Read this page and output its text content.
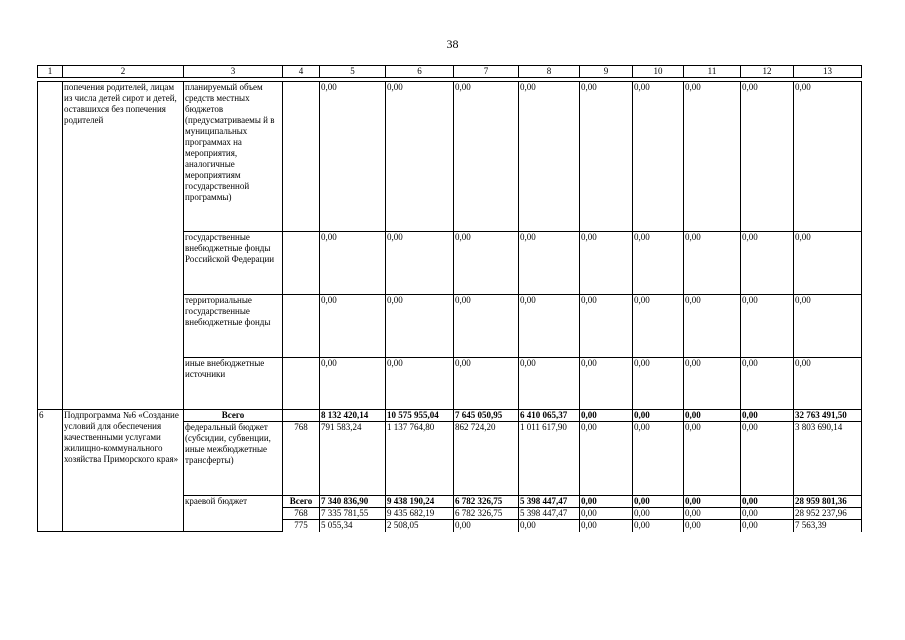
38
1	2	3	4	5	6	7	8	9	10	11	12	13
	попечения родителей, лицам из числа детей сирот и детей, оставшихся без попечения родителей	планируемый объем средств местных бюджетов (предусматриваемы й в муниципальных программах на мероприятия, аналогичные мероприятиям государственной программы)		0,00	0,00	0,00	0,00	0,00	0,00	0,00	0,00	0,00
		государственные внебюджетные фонды Российской Федерации		0,00	0,00	0,00	0,00	0,00	0,00	0,00	0,00	0,00
		территориальные государственные внебюджетные фонды		0,00	0,00	0,00	0,00	0,00	0,00	0,00	0,00	0,00
		иные внебюджетные источники		0,00	0,00	0,00	0,00	0,00	0,00	0,00	0,00	0,00
6	Подпрограмма №6 «Создание условий для обеспечения качественными услугами жилищно-коммунального хозяйства Приморского края»	Всего		8 132 420,14	10 575 955,04	7 645 050,95	6 410 065,37	0,00	0,00	0,00	0,00	32 763 491,50
		федеральный бюджет (субсидии, субвенции, иные межбюджетные трансферты)	768	791 583,24	1 137 764,80	862 724,20	1 011 617,90	0,00	0,00	0,00	0,00	3 803 690,14
		краевой бюджет	Всего	7 340 836,90	9 438 190,24	6 782 326,75	5 398 447,47	0,00	0,00	0,00	0,00	28 959 801,36
			768	7 335 781,55	9 435 682,19	6 782 326,75	5 398 447,47	0,00	0,00	0,00	0,00	28 952 237,96
			775	5 055,34	2 508,05	0,00	0,00	0,00	0,00	0,00	0,00	7 563,39
